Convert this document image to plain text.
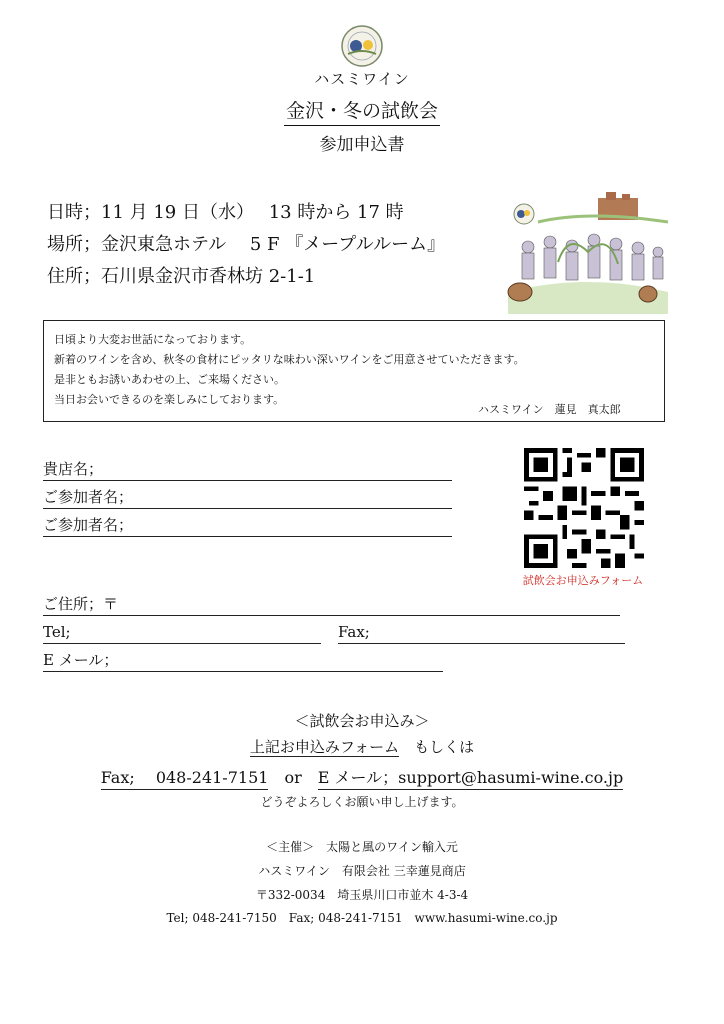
ハスミワイン
金沢・冬の試飲会
参加申込書
日時；11 月 19 日（水）　 13 時から 17 時
場所；金沢東急ホテル　 5 F 『メープルルーム』
住所；石川県金沢市香林坊 2-1-1
日頃より大変お世話になっております。
新着のワインを含め、秋冬の食材にピッタリな味わい深いワインをご用意させていただきます。
是非ともお誘いあわせの上、ご来場ください。
当日お会いできるのを楽しみにしております。
ハスミワイン　蓮見　真太郎
貴店名；
ご参加者名；
ご参加者名；
ご住所；〒
Tel;	Fax;
E メール；
試飲会お申込みフォーム
＜試飲会お申込み＞
上記お申込みフォーム　もしくは
Fax;　 048-241-7151　or　E メール；support@hasumi-wine.co.jp
どうぞよろしくお願い申し上げます。
＜主催＞　太陽と風のワイン輸入元
ハスミワイン　有限会社 三幸蓮見商店
〒332-0034　埼玉県川口市並木 4-3-4
Tel; 048-241-7150　Fax; 048-241-7151　www.hasumi-wine.co.jp
